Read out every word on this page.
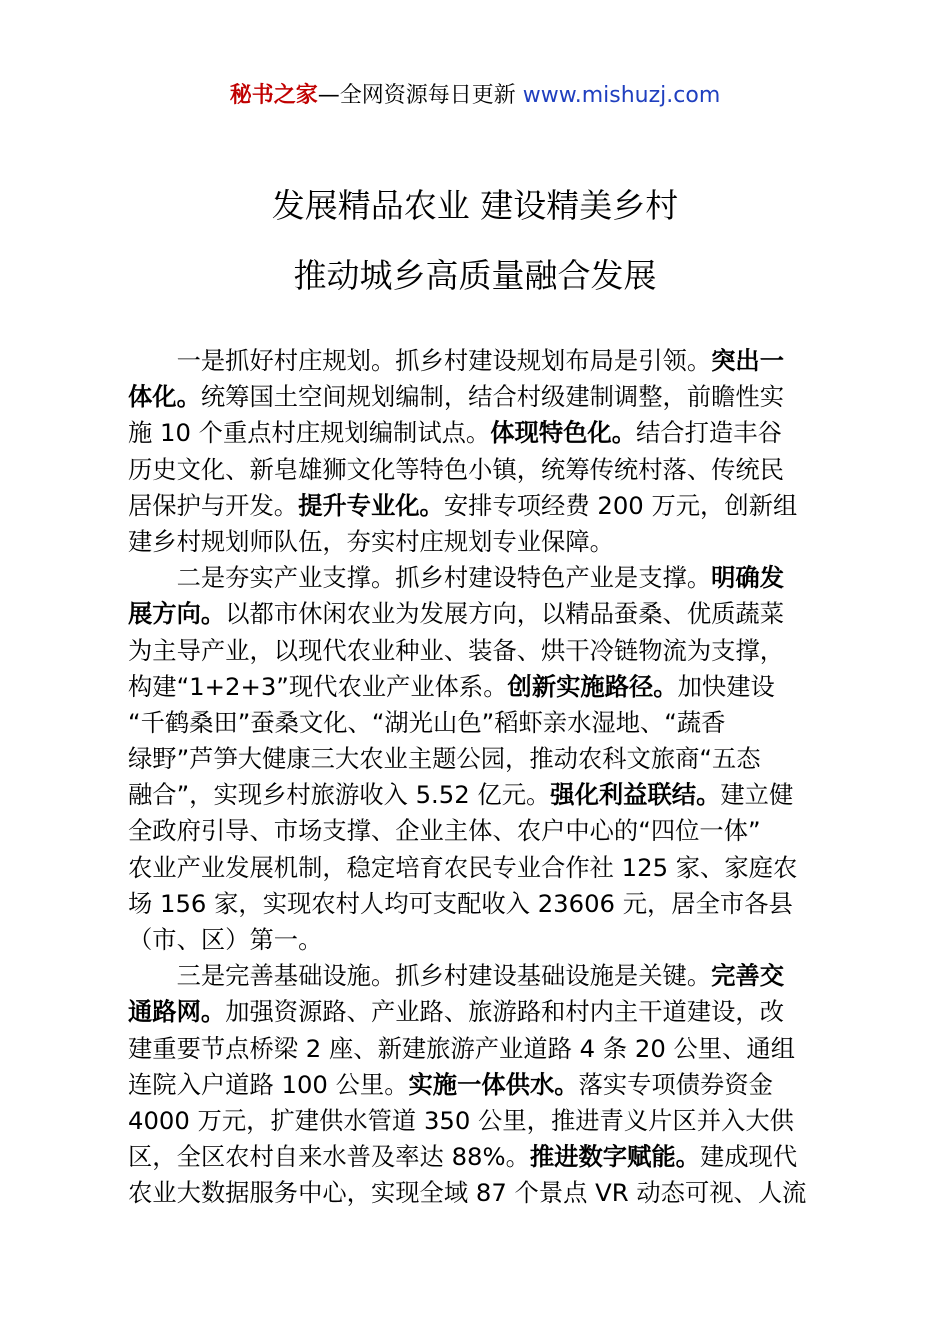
秘书之家—全网资源每日更新 www.mishuzj.com
发展精品农业 建设精美乡村
推动城乡高质量融合发展
　　一是抓好村庄规划。抓乡村建设规划布局是引领。突出一
体化。统筹国土空间规划编制，结合村级建制调整，前瞻性实
施 10 个重点村庄规划编制试点。体现特色化。结合打造丰谷
历史文化、新皂雄狮文化等特色小镇，统筹传统村落、传统民
居保护与开发。提升专业化。安排专项经费 200 万元，创新组
建乡村规划师队伍，夯实村庄规划专业保障。
　　二是夯实产业支撑。抓乡村建设特色产业是支撑。明确发
展方向。以都市休闲农业为发展方向，以精品蚕桑、优质蔬菜
为主导产业，以现代农业种业、装备、烘干冷链物流为支撑，
构建“1+2+3”现代农业产业体系。创新实施路径。加快建设
“千鹤桑田”蚕桑文化、“湖光山色”稻虾亲水湿地、“蔬香
绿野”芦笋大健康三大农业主题公园，推动农科文旅商“五态
融合”，实现乡村旅游收入 5.52 亿元。强化利益联结。建立健
全政府引导、市场支撑、企业主体、农户中心的“四位一体”
农业产业发展机制，稳定培育农民专业合作社 125 家、家庭农
场 156 家，实现农村人均可支配收入 23606 元，居全市各县
（市、区）第一。
　　三是完善基础设施。抓乡村建设基础设施是关键。完善交
通路网。加强资源路、产业路、旅游路和村内主干道建设，改
建重要节点桥梁 2 座、新建旅游产业道路 4 条 20 公里、通组
连院入户道路 100 公里。实施一体供水。落实专项债券资金
4000 万元，扩建供水管道 350 公里，推进青义片区并入大供
区，全区农村自来水普及率达 88%。推进数字赋能。建成现代
农业大数据服务中心，实现全域 87 个景点 VR 动态可视、人流
